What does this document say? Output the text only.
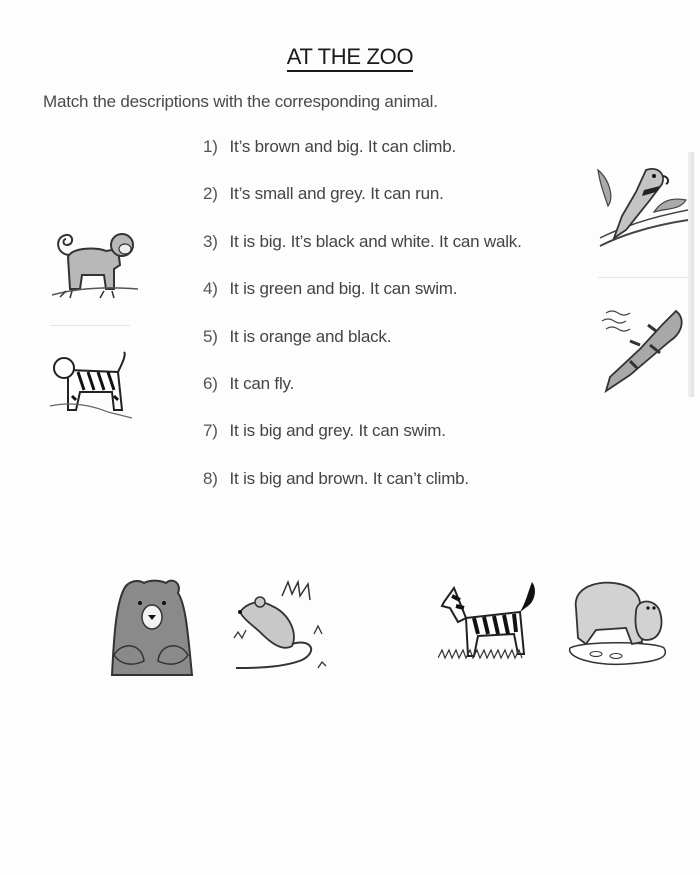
AT THE ZOO
Match the descriptions with the corresponding animal.
1) It’s brown and big. It can climb.
2) It’s small and grey. It can run.
3) It is big. It’s black and white. It can walk.
4) It is green and big. It can swim.
5) It is orange and black.
6) It can fly.
7) It is big and grey. It can swim.
8) It is big and brown. It can’t climb.
